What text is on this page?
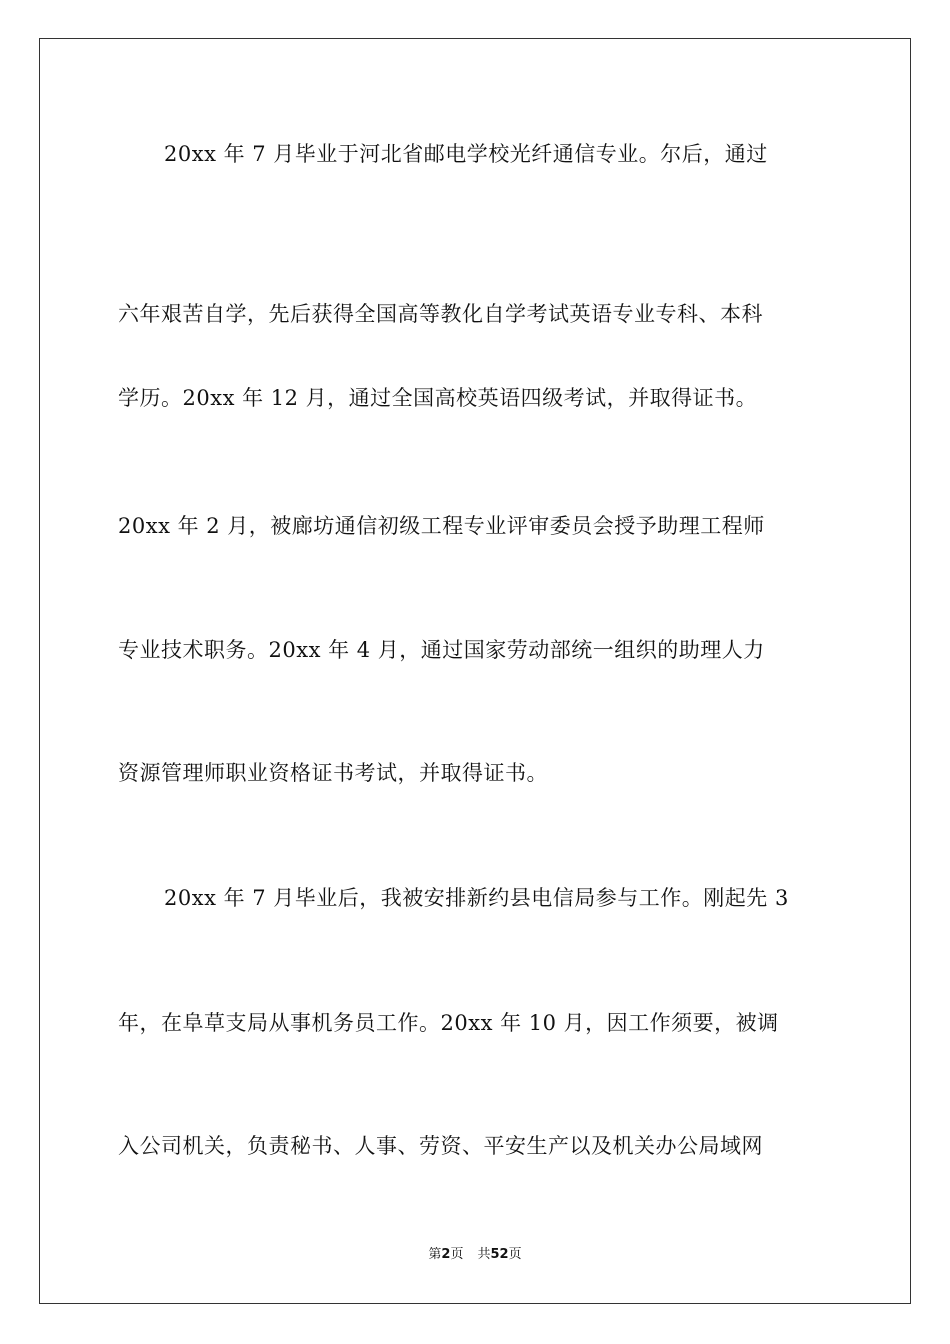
20xx 年 7 月毕业于河北省邮电学校光纤通信专业。尔后，通过

六年艰苦自学，先后获得全国高等教化自学考试英语专业专科、本科

学历。20xx 年 12 月，通过全国高校英语四级考试，并取得证书。

20xx 年 2 月，被廊坊通信初级工程专业评审委员会授予助理工程师

专业技术职务。20xx 年 4 月，通过国家劳动部统一组织的助理人力

资源管理师职业资格证书考试，并取得证书。

20xx 年 7 月毕业后，我被安排新约县电信局参与工作。刚起先 3

年，在阜草支局从事机务员工作。20xx 年 10 月，因工作须要，被调

入公司机关，负责秘书、人事、劳资、平安生产以及机关办公局域网

第2页 共52页
